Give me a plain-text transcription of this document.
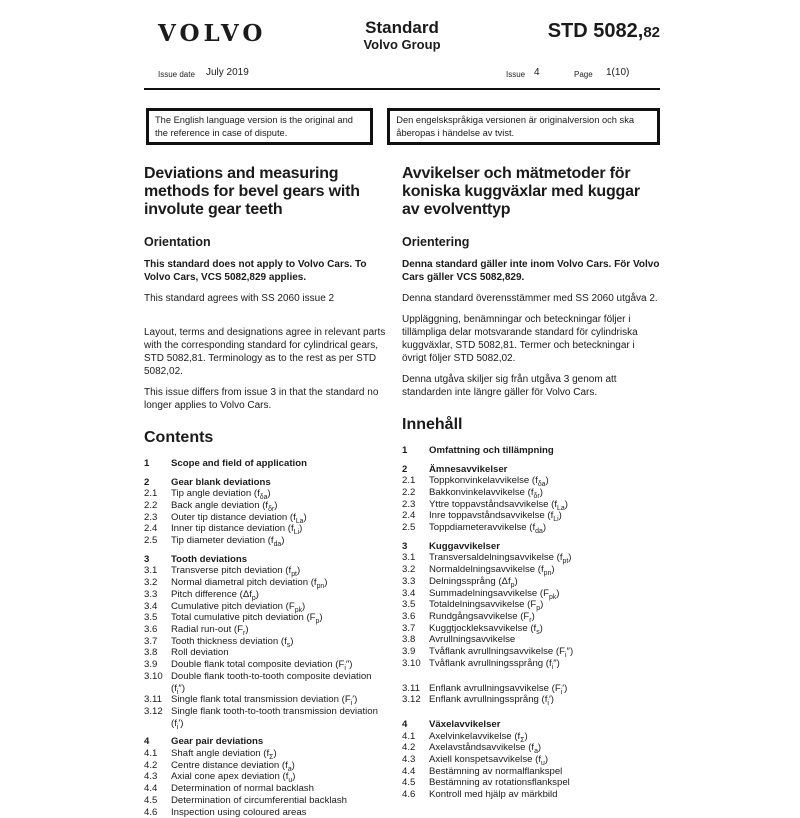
VOLVO	Standard
Volvo Group
STD 5082,82
Issue date July 2019	Issue 4	Page 1(10)
The English language version is the original and the reference in case of dispute.
Den engelskspråkiga versionen är originalversion och ska åberopas i händelse av tvist.
Deviations and measuring methods for bevel gears with involute gear teeth
Orientation

This standard does not apply to Volvo Cars. To Volvo Cars, VCS 5082,829 applies.

This standard agrees with SS 2060 issue 2

Layout, terms and designations agree in relevant parts with the corresponding standard for cylindrical gears, STD 5082,81. Terminology as to the rest as per STD 5082,02.

This issue differs from issue 3 in that the standard no longer applies to Volvo Cars.

Contents
1	Scope and field of application
2	Gear blank deviations
2.1	Tip angle deviation $(f_{\delta a})$
2.2	Back angle deviation $(f_{\delta r})$
2.3	Outer tip distance deviation $(f_{La})$
2.4	Inner tip distance deviation $(f_{Li})$
2.5	Tip diameter deviation $(f_{da})$
3	Tooth deviations
3.1	Transverse pitch deviation $(f_{pt})$
3.2	Normal diametral pitch deviation $(f_{pn})$
3.3	Pitch difference $(\Delta f_p)$
3.4	Cumulative pitch deviation $(F_{pk})$
3.5	Total cumulative pitch deviation $(F_p)$
3.6	Radial run-out $(F_r)$
3.7	Tooth thickness deviation $(f_s)$
3.8	Roll deviation
3.9	Double flank total composite deviation $(F_i'')$
3.10 Double flank tooth-to-tooth composite deviation $(f_i'')$
3.11 Single flank total transmission deviation $(F_i')$
3.12 Single flank tooth-to-tooth transmission deviation $(f_i')$
4	Gear pair deviations
4.1	Shaft angle deviation $(f_\Sigma)$
4.2	Centre distance deviation $(f_a)$
4.3	Axial cone apex deviation $(f_u)$
4.4	Determination of normal backlash
4.5	Determination of circumferential backlash
4.6	Inspection using coloured areas
Avvikelser och mätmetoder för koniska kuggväxlar med kuggar av evolventtyp
Orientering

Denna standard gäller inte inom Volvo Cars. För Volvo Cars gäller VCS 5082,829.

Denna standard överensstämmer med SS 2060 utgåva 2.

Uppläggning, benämningar och beteckningar följer i tillämpliga delar motsvarande standard för cylindriska kuggväxlar, STD 5082,81. Termer och beteckningar i övrigt följer STD 5082,02.

Denna utgåva skiljer sig från utgåva 3 genom att standarden inte längre gäller för Volvo Cars.

Innehåll
1	Omfattning och tillämpning
2	Ämnesavvikelser
2.1	Toppkonvinkelavvikelse $(f_{\delta a})$
2.2	Bakkonvinkelavvikelse $(f_{\delta r})$
2.3	Yttre toppavståndsavvikelse $(f_{La})$
2.4	Inre toppavståndsavvikelse $(f_{Li})$
2.5	Toppdiameteravvikelse $(f_{da})$
3	Kuggavvikelser
3.1	Transversaldelningsavvikelse $(f_{pt})$
3.2	Normaldelningsavvikelse $(f_{pn})$
3.3	Delningssprång $(\Delta f_p)$
3.4	Summadelningsavvikelse $(F_{pk})$
3.5	Totaldelningsavvikelse $(F_p)$
3.6	Rundgångsavvikelse $(F_r)$
3.7	Kuggtjockleksavvikelse $(f_s)$
3.8	Avrullningsavvikelse
3.9	Tvåflank avrullningsavvikelse $(F_i'')$
3.10 Tvåflank avrullningssprång $(f_i'')$
3.11 Enflank avrullningsavvikelse $(F_i')$
3.12 Enflank avrullningssprång $(f_i')$
4	Växelavvikelser
4.1	Axelvinkelavvikelse $(f_\Sigma)$
4.2	Axelavståndsavvikelse $(f_a)$
4.3	Axiell konspetsavvikelse $(f_u)$
4.4	Bestämning av normalflankspel
4.5	Bestämning av rotationsflankspel
4.6	Kontroll med hjälp av märkbild
